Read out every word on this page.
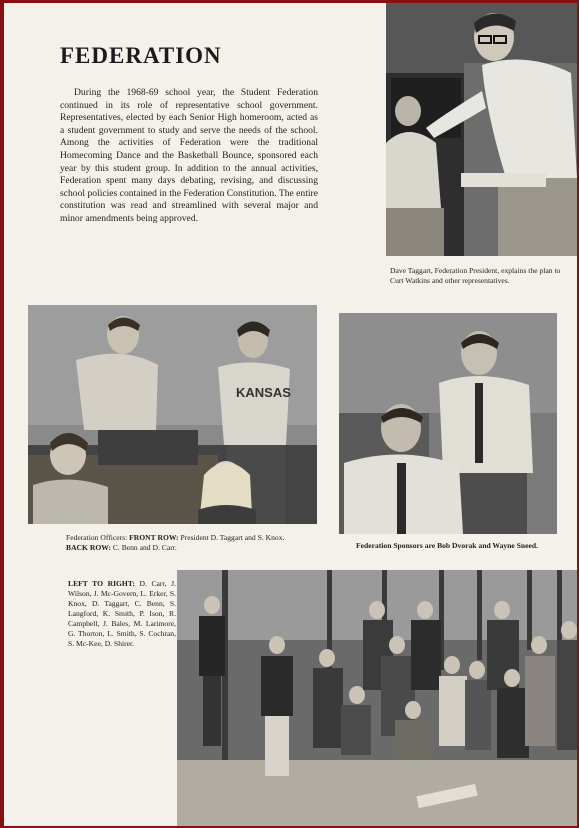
FEDERATION
During the 1968-69 school year, the Student Federation continued in its role of representative school government. Representatives, elected by each Senior High homeroom, acted as a student government to study and serve the needs of the school. Among the activities of Federation were the traditional Homecoming Dance and the Basketball Bounce, sponsored each year by this student group. In addition to the annual activities, Federation spent many days debating, revising, and discussing school policies contained in the Federation Constitution. The entire constitution was read and streamlined with several major and minor amendments being approved.
Dave Taggart, Federation President, explains the plan to
Curt Watkins and other representatives.
KANSAS
Federation Officers: FRONT ROW: President D. Taggart and S. Knox.
BACK ROW: C. Benn and D. Carr.	Federation Sponsors are Bob Dvorak and Wayne Sneed.
LEFT TO RIGHT: D. Carr, J. Wilson, J. Mc-Govern, L. Erker, S. Knox, D. Taggart, C. Benn, S. Langford, K. Smith, P. Ison, R. Campbell, J. Bales, M. Larimore, G. Thorton, L. Smith, S. Cochran, S. Mc-Kee, D. Shirer.
